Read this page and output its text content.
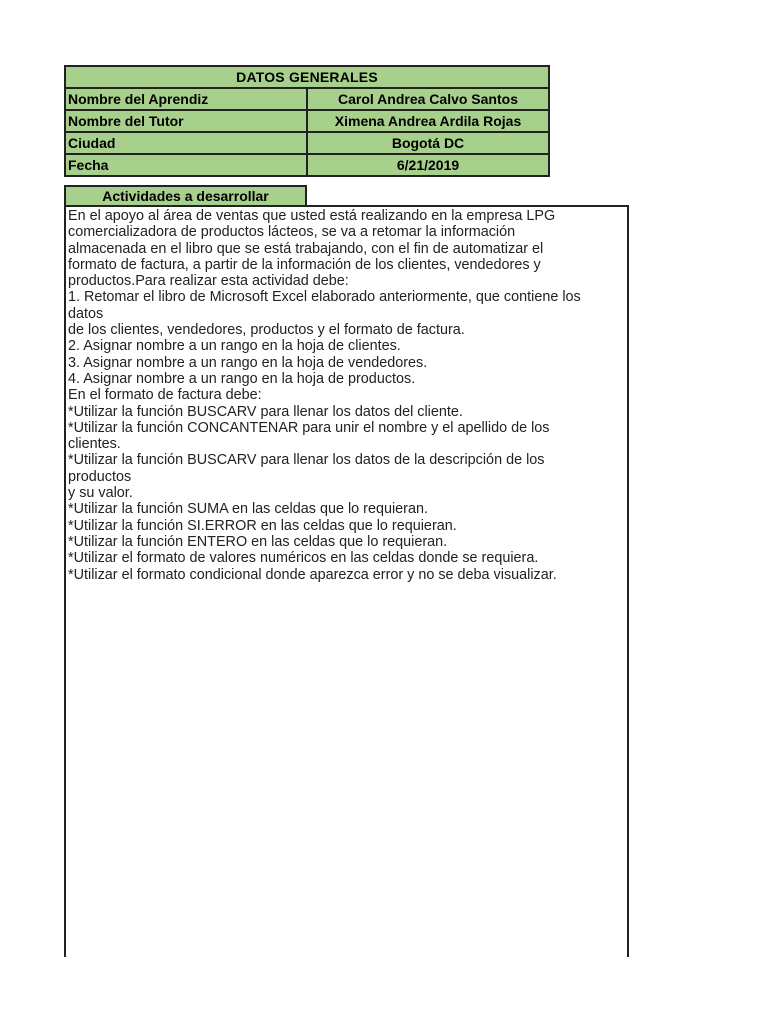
DATOS GENERALES	
Nombre del Aprendiz	Carol Andrea Calvo Santos
Nombre del Tutor	Ximena Andrea Ardila Rojas
Ciudad	Bogotá DC
Fecha	6/21/2019
Actividades a desarrollar
En el apoyo al área de ventas que usted está realizando en la empresa LPG
comercializadora de productos lácteos, se va a retomar la información
almacenada en el libro que se está trabajando, con el fin de automatizar el
formato de factura, a partir de la información de los clientes, vendedores y
productos.Para realizar esta actividad debe:
1. Retomar el libro de Microsoft Excel elaborado anteriormente, que contiene los
datos
de los clientes, vendedores, productos y el formato de factura.
2. Asignar nombre a un rango en la hoja de clientes.
3. Asignar nombre a un rango en la hoja de vendedores.
4. Asignar nombre a un rango en la hoja de productos.
En el formato de factura debe:
*Utilizar la función BUSCARV para llenar los datos del cliente.
*Utilizar la función CONCANTENAR para unir el nombre y el apellido de los
clientes.
*Utilizar la función BUSCARV para llenar los datos de la descripción de los
productos
y su valor.
*Utilizar la función SUMA en las celdas que lo requieran.
*Utilizar la función SI.ERROR en las celdas que lo requieran.
*Utilizar la función ENTERO en las celdas que lo requieran.
*Utilizar el formato de valores numéricos en las celdas donde se requiera.
*Utilizar el formato condicional donde aparezca error y no se deba visualizar.
